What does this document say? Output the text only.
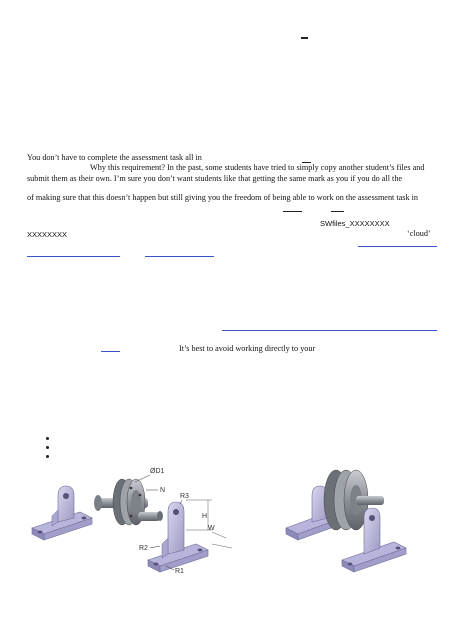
You don’t have to complete the assessment task all in
Why this requirement? In the past, some students have tried to simply copy another student’s files and
submit them as their own. I’m sure you don’t want students like that getting the same mark as you if you do all the
of making sure that this doesn’t happen but still giving you the freedom of being able to work on the assessment task in
SWfiles_XXXXXXXX
XXXXXXXX	‘cloud’
It’s best to avoid working directly to your
ØD1
N
R3
H
W
R2
R1
